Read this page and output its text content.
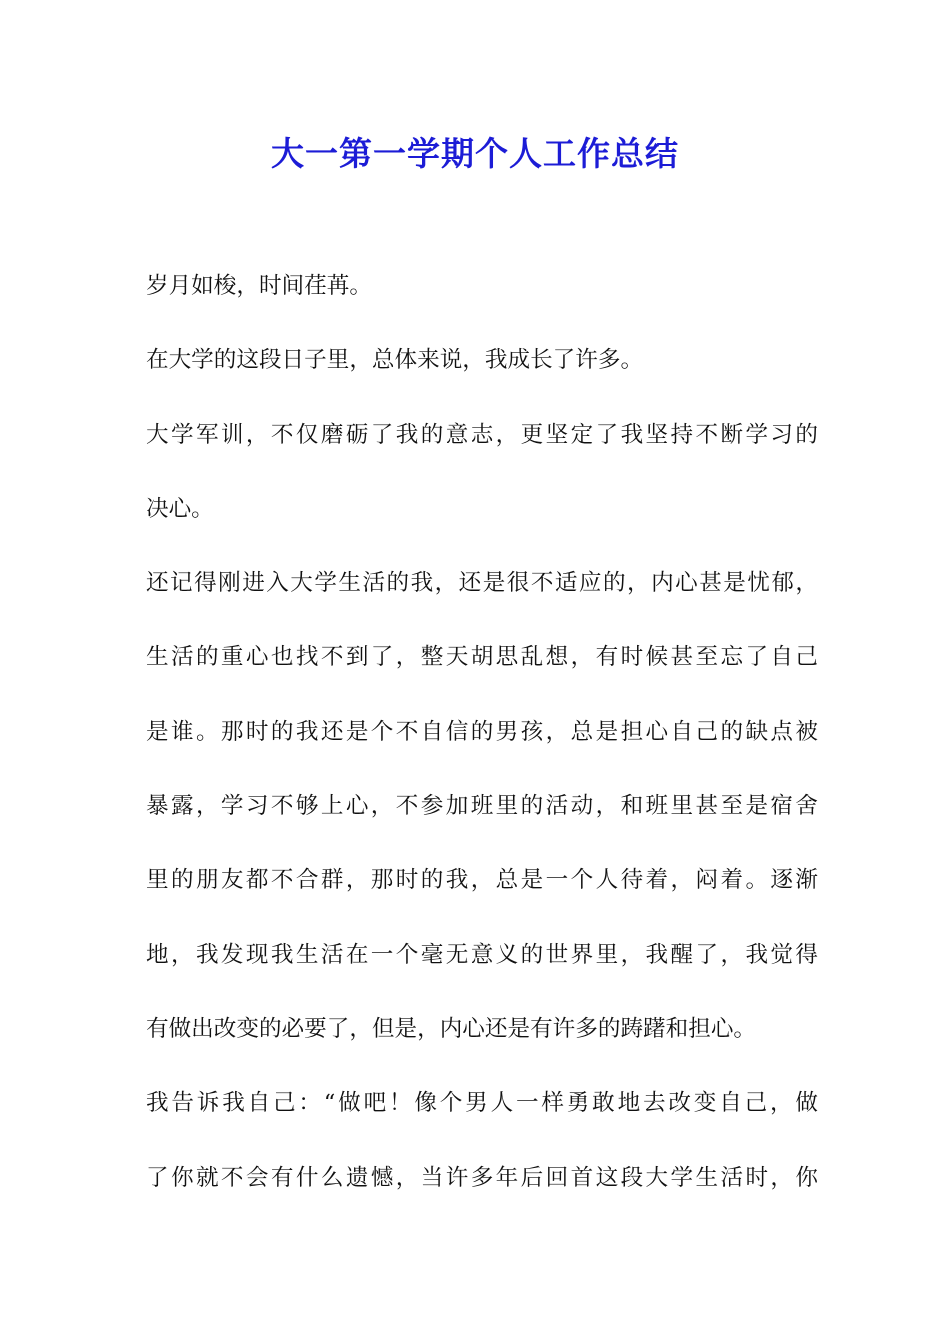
大一第一学期个人工作总结

岁月如梭，时间荏苒。

在大学的这段日子里，总体来说，我成长了许多。

大学军训，不仅磨砺了我的意志，更坚定了我坚持不断学习的

决心。

还记得刚进入大学生活的我，还是很不适应的，内心甚是忧郁，

生活的重心也找不到了，整天胡思乱想，有时候甚至忘了自己

是谁。那时的我还是个不自信的男孩，总是担心自己的缺点被

暴露，学习不够上心，不参加班里的活动，和班里甚至是宿舍

里的朋友都不合群，那时的我，总是一个人待着，闷着。逐渐

地，我发现我生活在一个毫无意义的世界里，我醒了，我觉得

有做出改变的必要了，但是，内心还是有许多的踌躇和担心。

我告诉我自己：“做吧！像个男人一样勇敢地去改变自己，做

了你就不会有什么遗憾，当许多年后回首这段大学生活时，你
